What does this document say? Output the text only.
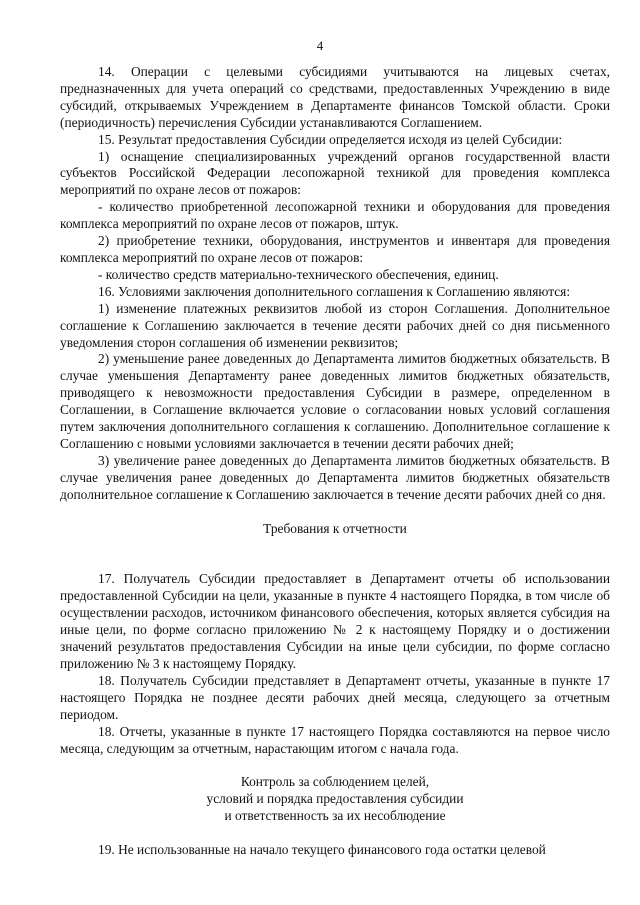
4

14. Операции с целевыми субсидиями учитываются на лицевых счетах, предназначенных для учета операций со средствами, предоставленных Учреждению в виде субсидий, открываемых Учреждением в Департаменте финансов Томской области. Сроки (периодичность) перечисления Субсидии устанавливаются Соглашением.

15. Результат предоставления Субсидии определяется исходя из целей Субсидии:

1) оснащение специализированных учреждений органов государственной власти субъектов Российской Федерации лесопожарной техникой для проведения комплекса мероприятий по охране лесов от пожаров:

- количество приобретенной лесопожарной техники и оборудования для проведения комплекса мероприятий по охране лесов от пожаров, штук.

2) приобретение техники, оборудования, инструментов и инвентаря для проведения комплекса мероприятий по охране лесов от пожаров:

- количество средств материально-технического обеспечения, единиц.

16. Условиями заключения дополнительного соглашения к Соглашению являются:

1) изменение платежных реквизитов любой из сторон Соглашения. Дополнительное соглашение к Соглашению заключается в течение десяти рабочих дней со дня письменного уведомления сторон соглашения об изменении реквизитов;

2) уменьшение ранее доведенных до Департамента лимитов бюджетных обязательств. В случае уменьшения Департаменту ранее доведенных лимитов бюджетных обязательств, приводящего к невозможности предоставления Субсидии в размере, определенном в Соглашении, в Соглашение включается условие о согласовании новых условий соглашения путем заключения дополнительного соглашения к соглашению. Дополнительное соглашение к Соглашению с новыми условиями заключается в течении десяти рабочих дней;

3) увеличение ранее доведенных до Департамента лимитов бюджетных обязательств. В случае увеличения ранее доведенных до Департамента лимитов бюджетных обязательств дополнительное соглашение к Соглашению заключается в течение десяти рабочих дней со дня.

Требования к отчетности

17. Получатель Субсидии предоставляет в Департамент отчеты об использовании предоставленной Субсидии на цели, указанные в пункте 4 настоящего Порядка, в том числе об осуществлении расходов, источником финансового обеспечения, которых является субсидия на иные цели, по форме согласно приложению № 2 к настоящему Порядку и о достижении значений результатов предоставления Субсидии на иные цели субсидии, по форме согласно приложению № 3 к настоящему Порядку.

18. Получатель Субсидии представляет в Департамент отчеты, указанные в пункте 17 настоящего Порядка не позднее десяти рабочих дней месяца, следующего за отчетным периодом.

18. Отчеты, указанные в пункте 17 настоящего Порядка составляются на первое число месяца, следующим за отчетным, нарастающим итогом с начала года.

Контроль за соблюдением целей,

условий и порядка предоставления субсидии

и ответственность за их несоблюдение

19. Не использованные на начало текущего финансового года остатки целевой
